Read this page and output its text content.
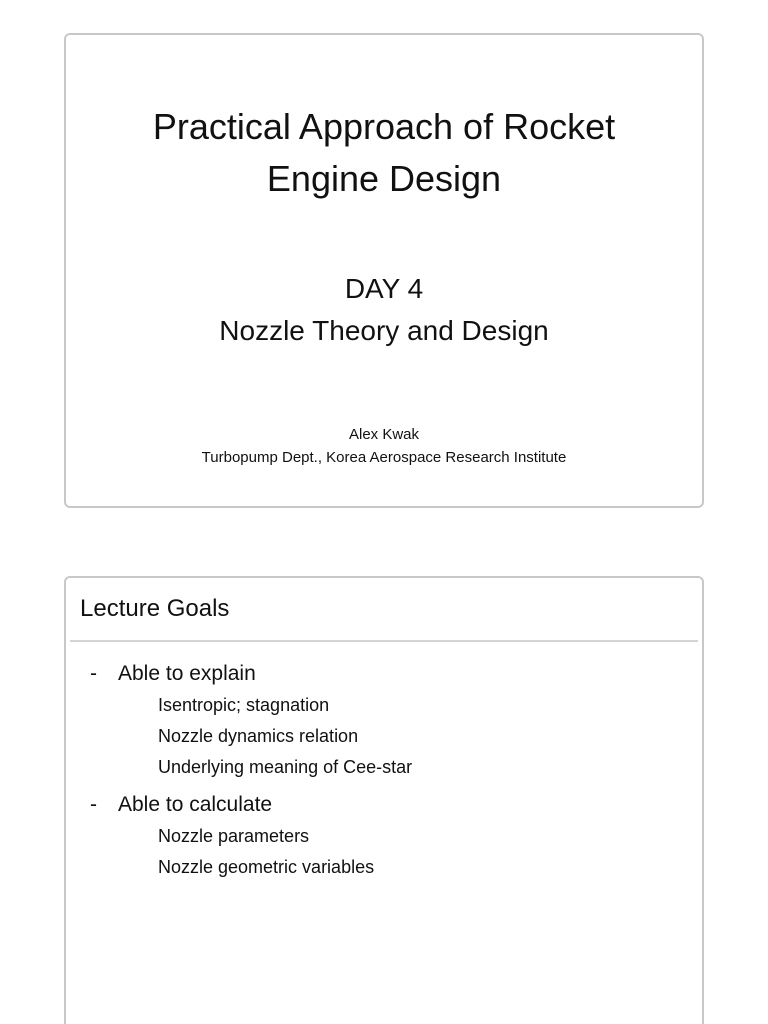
Practical Approach of Rocket
Engine Design
DAY 4
Nozzle Theory and Design
Alex Kwak
Turbopump Dept., Korea Aerospace Research Institute
Lecture Goals
-	Able to explain
Isentropic; stagnation
Nozzle dynamics relation
Underlying meaning of Cee-star
-	Able to calculate
Nozzle parameters
Nozzle geometric variables
